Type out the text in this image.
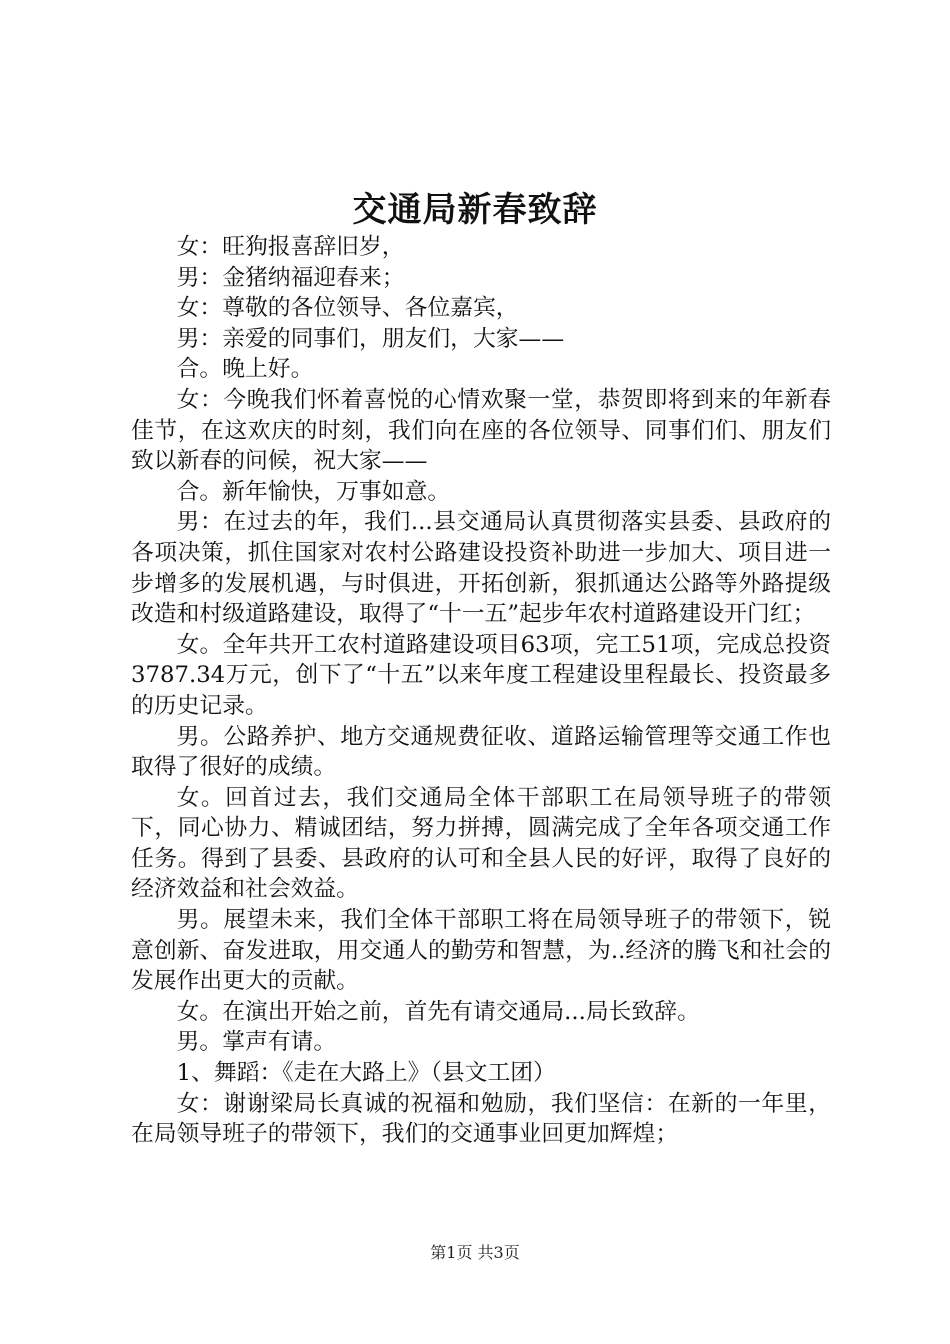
交通局新春致辞

女：旺狗报喜辞旧岁，

男：金猪纳福迎春来；

女：尊敬的各位领导、各位嘉宾，

男：亲爱的同事们，朋友们，大家——

合。晚上好。

女：今晚我们怀着喜悦的心情欢聚一堂，恭贺即将到来的年新春佳节，在这欢庆的时刻，我们向在座的各位领导、同事们们、朋友们致以新春的问候，祝大家——

合。新年愉快，万事如意。

男：在过去的年，我们...县交通局认真贯彻落实县委、县政府的各项决策，抓住国家对农村公路建设投资补助进一步加大、项目进一步增多的发展机遇，与时俱进，开拓创新，狠抓通达公路等外路提级改造和村级道路建设，取得了“十一五”起步年农村道路建设开门红；

女。全年共开工农村道路建设项目63项，完工51项，完成总投资3787.34万元，创下了“十五”以来年度工程建设里程最长、投资最多的历史记录。

男。公路养护、地方交通规费征收、道路运输管理等交通工作也取得了很好的成绩。

女。回首过去，我们交通局全体干部职工在局领导班子的带领下，同心协力、精诚团结，努力拼搏，圆满完成了全年各项交通工作任务。得到了县委、县政府的认可和全县人民的好评，取得了良好的经济效益和社会效益。

男。展望未来，我们全体干部职工将在局领导班子的带领下，锐意创新、奋发进取，用交通人的勤劳和智慧，为..经济的腾飞和社会的发展作出更大的贡献。

女。在演出开始之前，首先有请交通局...局长致辞。

男。掌声有请。

1、舞蹈：《走在大路上》（县文工团）

女：谢谢梁局长真诚的祝福和勉励，我们坚信：在新的一年里，在局领导班子的带领下，我们的交通事业回更加辉煌；

第1页 共3页
